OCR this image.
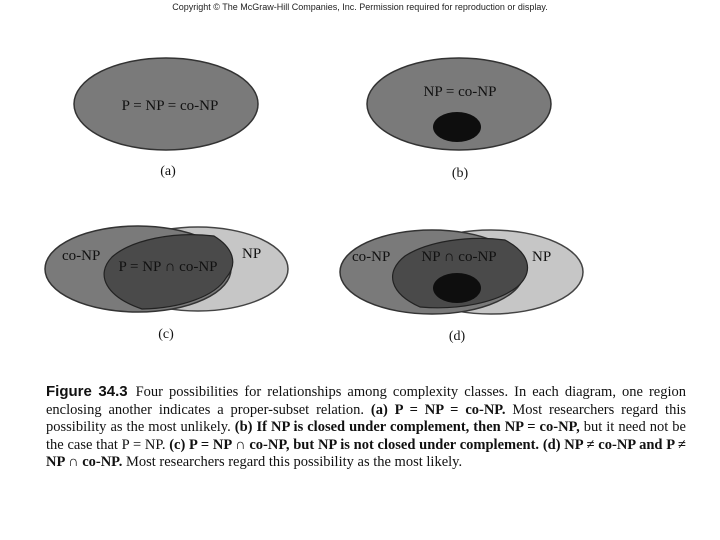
Copyright © The McGraw-Hill Companies, Inc. Permission required for reproduction or display.
P = NP = co-NP
(a)
NP = co-NP
(b)
co-NP
P = NP ∩ co-NP
NP
(c)
co-NP NP ∩ co-NP NP
(d)
Figure 34.3 Four possibilities for relationships among complexity classes. In each diagram, one region enclosing another indicates a proper-subset relation. (a) P = NP = co-NP. Most researchers regard this possibility as the most unlikely. (b) If NP is closed under complement, then NP = co-NP, but it need not be the case that P = NP. (c) P = NP ∩ co-NP, but NP is not closed under complement. (d) NP ≠ co-NP and P ≠ NP ∩ co-NP. Most researchers regard this possibility as the most likely.
